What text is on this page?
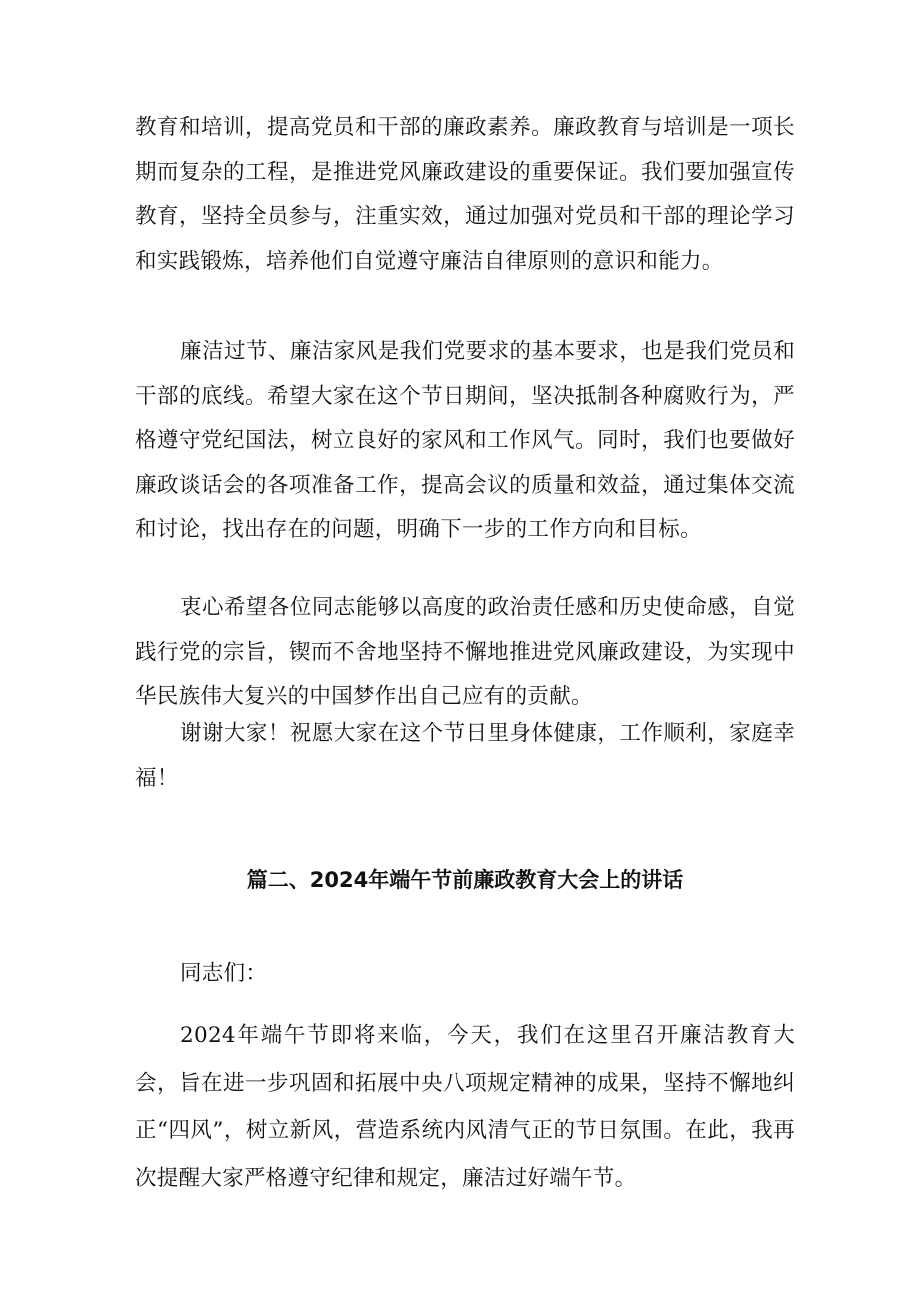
教育和培训，提高党员和干部的廉政素养。廉政教育与培训是一项长期而复杂的工程，是推进党风廉政建设的重要保证。我们要加强宣传教育，坚持全员参与，注重实效，通过加强对党员和干部的理论学习和实践锻炼，培养他们自觉遵守廉洁自律原则的意识和能力。

廉洁过节、廉洁家风是我们党要求的基本要求，也是我们党员和干部的底线。希望大家在这个节日期间，坚决抵制各种腐败行为，严格遵守党纪国法，树立良好的家风和工作风气。同时，我们也要做好廉政谈话会的各项准备工作，提高会议的质量和效益，通过集体交流和讨论，找出存在的问题，明确下一步的工作方向和目标。

衷心希望各位同志能够以高度的政治责任感和历史使命感，自觉践行党的宗旨，锲而不舍地坚持不懈地推进党风廉政建设，为实现中华民族伟大复兴的中国梦作出自己应有的贡献。

谢谢大家！祝愿大家在这个节日里身体健康，工作顺利，家庭幸福！

篇二、2024年端午节前廉政教育大会上的讲话

同志们：

2024年端午节即将来临，今天，我们在这里召开廉洁教育大会，旨在进一步巩固和拓展中央八项规定精神的成果，坚持不懈地纠正“四风”，树立新风，营造系统内风清气正的节日氛围。在此，我再次提醒大家严格遵守纪律和规定，廉洁过好端午节。
